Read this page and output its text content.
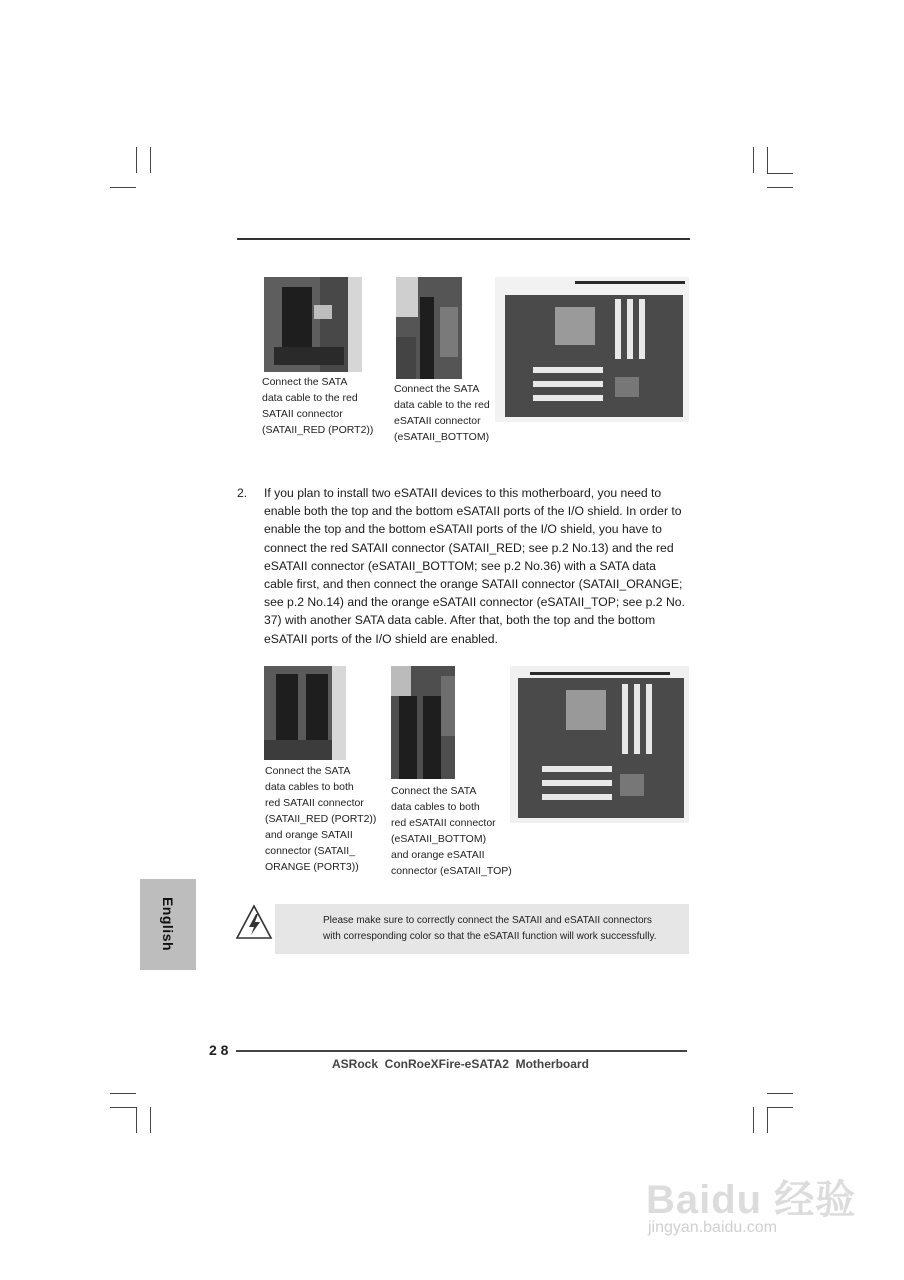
Connect the SATA
data cable to the red
SATAII connector
(SATAII_RED (PORT2))
Connect the SATA
data cable to the red
eSATAII connector
(eSATAII_BOTTOM)
2. If you plan to install two eSATAII devices to this motherboard, you need to
enable both the top and the bottom eSATAII ports of the I/O shield. In order to
enable the top and the bottom eSATAII ports of the I/O shield, you have to
connect the red SATAII connector (SATAII_RED; see p.2 No.13) and the red
eSATAII connector (eSATAII_BOTTOM; see p.2 No.36) with a SATA data
cable first, and then connect the orange SATAII connector (SATAII_ORANGE;
see p.2 No.14) and the orange eSATAII connector (eSATAII_TOP; see p.2 No.
37) with another SATA data cable. After that, both the top and the bottom
eSATAII ports of the I/O shield are enabled.
Connect the SATA
data cables to both
red SATAII connector
(SATAII_RED (PORT2))
and orange SATAII
connector (SATAII_
ORANGE (PORT3))
Connect the SATA
data cables to both
red eSATAII connector
(eSATAII_BOTTOM)
and orange eSATAII
connector (eSATAII_TOP)
English	Please make sure to correctly connect the SATAII and eSATAII connectors
with corresponding color so that the eSATAII function will work successfully.
2 8
ASRock  ConRoeXFire-eSATA2  Motherboard
Baidu 经验
jingyan.baidu.com
